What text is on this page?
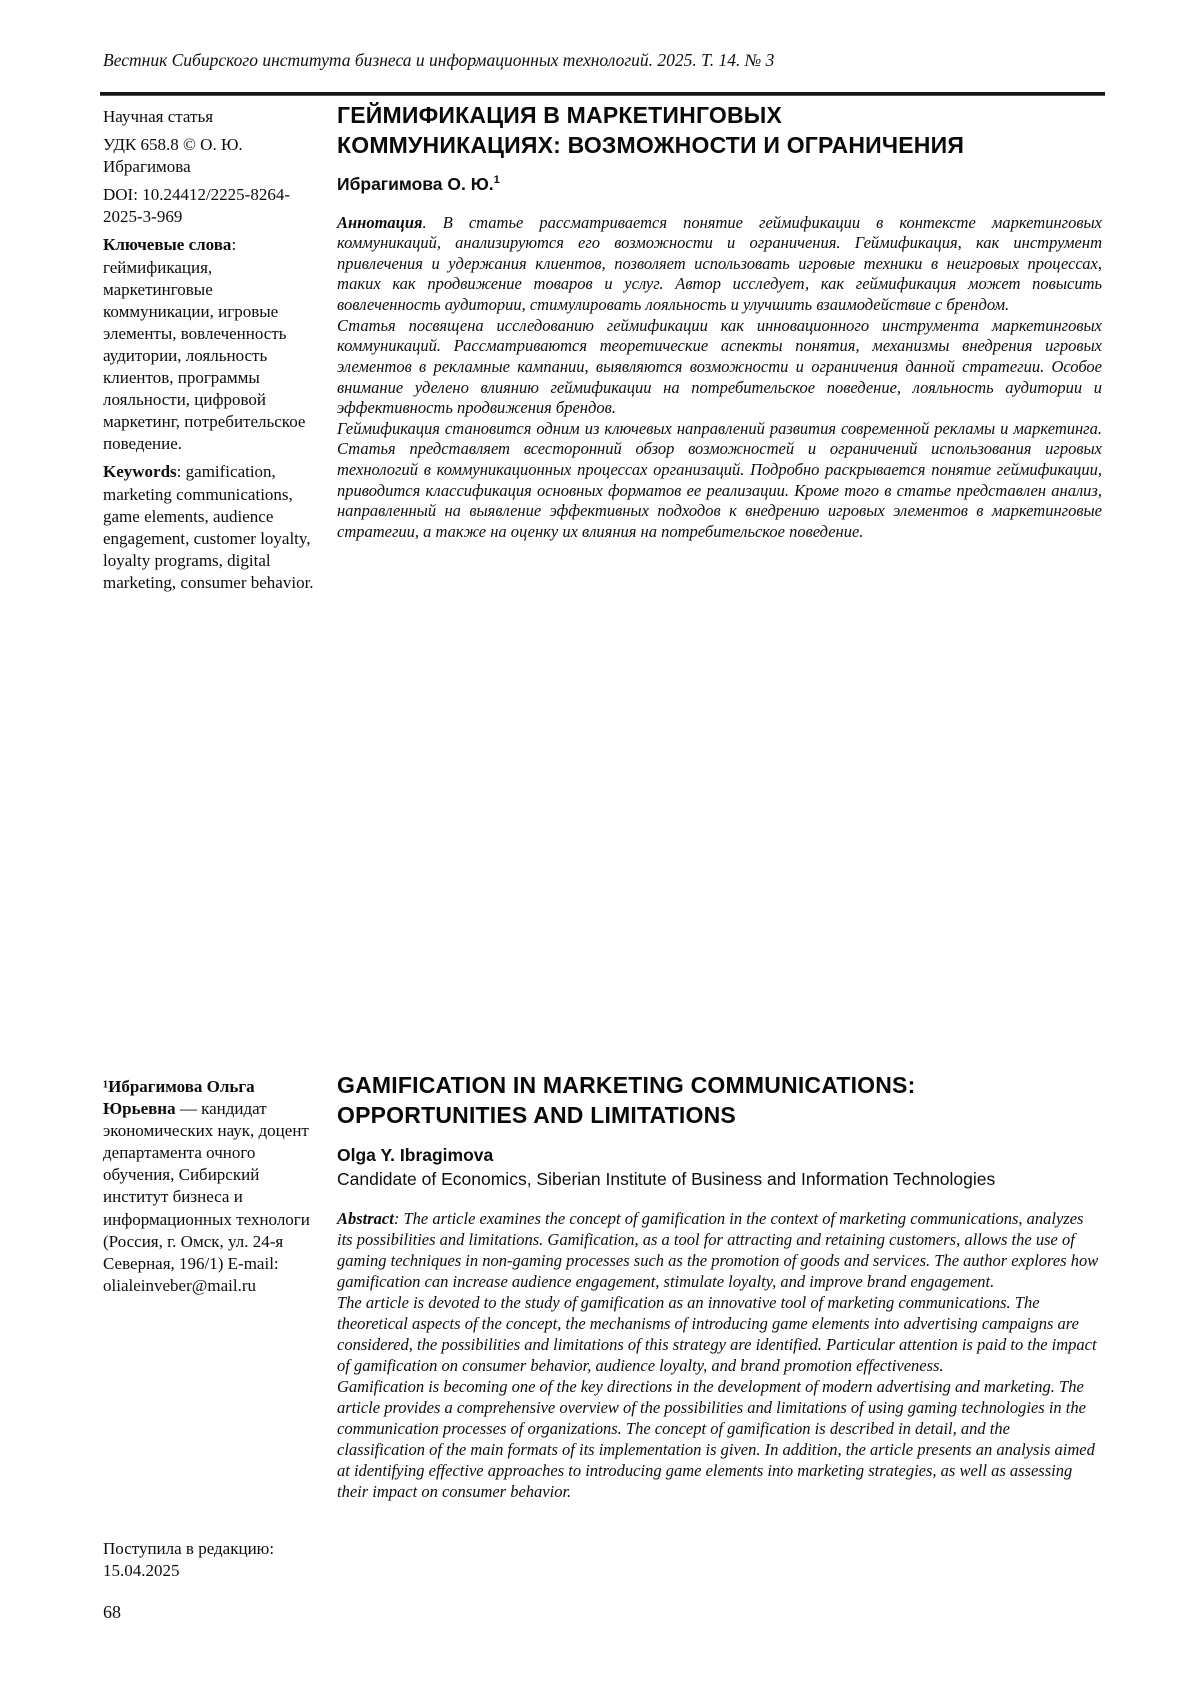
Вестник Сибирского института бизнеса и информационных технологий. 2025. Т. 14. № 3
Научная статья
УДК 658.8 © О. Ю. Ибрагимова
DOI: 10.24412/2225-8264-2025-3-969
Ключевые слова: геймификация, маркетинговые коммуникации, игровые элементы, вовлеченность аудитории, лояльность клиентов, программы лояльности, цифровой маркетинг, потребительское поведение.
Keywords: gamification, marketing communications, game elements, audience engagement, customer loyalty, loyalty programs, digital marketing, consumer behavior.
¹Ибрагимова Ольга Юрьевна — кандидат экономических наук, доцент департамента очного обучения, Сибирский институт бизнеса и информационных технологи (Россия, г. Омск, ул. 24-я Северная, 196/1) E-mail: olialeinveber@mail.ru
Поступила в редакцию:
15.04.2025
68
ГЕЙМИФИКАЦИЯ В МАРКЕТИНГОВЫХ
КОММУНИКАЦИЯХ: ВОЗМОЖНОСТИ И ОГРАНИЧЕНИЯ
Ибрагимова О. Ю.$^1$

Аннотация. В статье рассматривается понятие геймификации в контексте маркетинговых коммуникаций, анализируются его возможности и ограничения. Геймификация, как инструмент привлечения и удержания клиентов, позволяет использовать игровые техники в неигровых процессах, таких как продвижение товаров и услуг. Автор исследует, как геймификация может повысить вовлеченность аудитории, стимулировать лояльность и улучшить взаимодействие с брендом.

Статья посвящена исследованию геймификации как инновационного инструмента маркетинговых коммуникаций. Рассматриваются теоретические аспекты понятия, механизмы внедрения игровых элементов в рекламные кампании, выявляются возможности и ограничения данной стратегии. Особое внимание уделено влиянию геймификации на потребительское поведение, лояльность аудитории и эффективность продвижения брендов.

Геймификация становится одним из ключевых направлений развития современной рекламы и маркетинга. Статья представляет всесторонний обзор возможностей и ограничений использования игровых технологий в коммуникационных процессах организаций. Подробно раскрывается понятие геймификации, приводится классификация основных форматов ее реализации. Кроме того в статье представлен анализ, направленный на выявление эффективных подходов к внедрению игровых элементов в маркетинговые стратегии, а также на оценку их влияния на потребительское поведение.

GAMIFICATION IN MARKETING COMMUNICATIONS:
OPPORTUNITIES AND LIMITATIONS
Olga Y. Ibragimova
Candidate of Economics, Siberian Institute of Business and Information Technologies

Abstract: The article examines the concept of gamification in the context of marketing communications, analyzes its possibilities and limitations. Gamification, as a tool for attracting and retaining customers, allows the use of gaming techniques in non-gaming processes such as the promotion of goods and services. The author explores how gamification can increase audience engagement, stimulate loyalty, and improve brand engagement.

The article is devoted to the study of gamification as an innovative tool of marketing communications. The theoretical aspects of the concept, the mechanisms of introducing game elements into advertising campaigns are considered, the possibilities and limitations of this strategy are identified. Particular attention is paid to the impact of gamification on consumer behavior, audience loyalty, and brand promotion effectiveness.

Gamification is becoming one of the key directions in the development of modern advertising and marketing. The article provides a comprehensive overview of the possibilities and limitations of using gaming technologies in the communication processes of organizations. The concept of gamification is described in detail, and the classification of the main formats of its implementation is given. In addition, the article presents an analysis aimed at identifying effective approaches to introducing game elements into marketing strategies, as well as assessing their impact on consumer behavior.
